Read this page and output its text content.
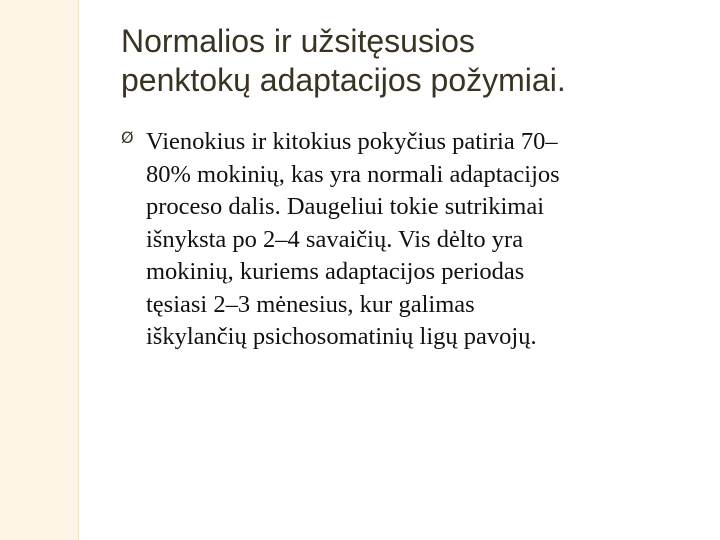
Normalios ir užsitęsusios
penktokų adaptacijos požymiai.
Ø Vienokius ir kitokius pokyčius patiria 70–
80% mokinių, kas yra normali adaptacijos
proceso dalis. Daugeliui tokie sutrikimai
išnyksta po 2–4 savaičių. Vis dėlto yra
mokinių, kuriems adaptacijos periodas
tęsiasi 2–3 mėnesius, kur galimas
iškylančių psichosomatinių ligų pavojų.
